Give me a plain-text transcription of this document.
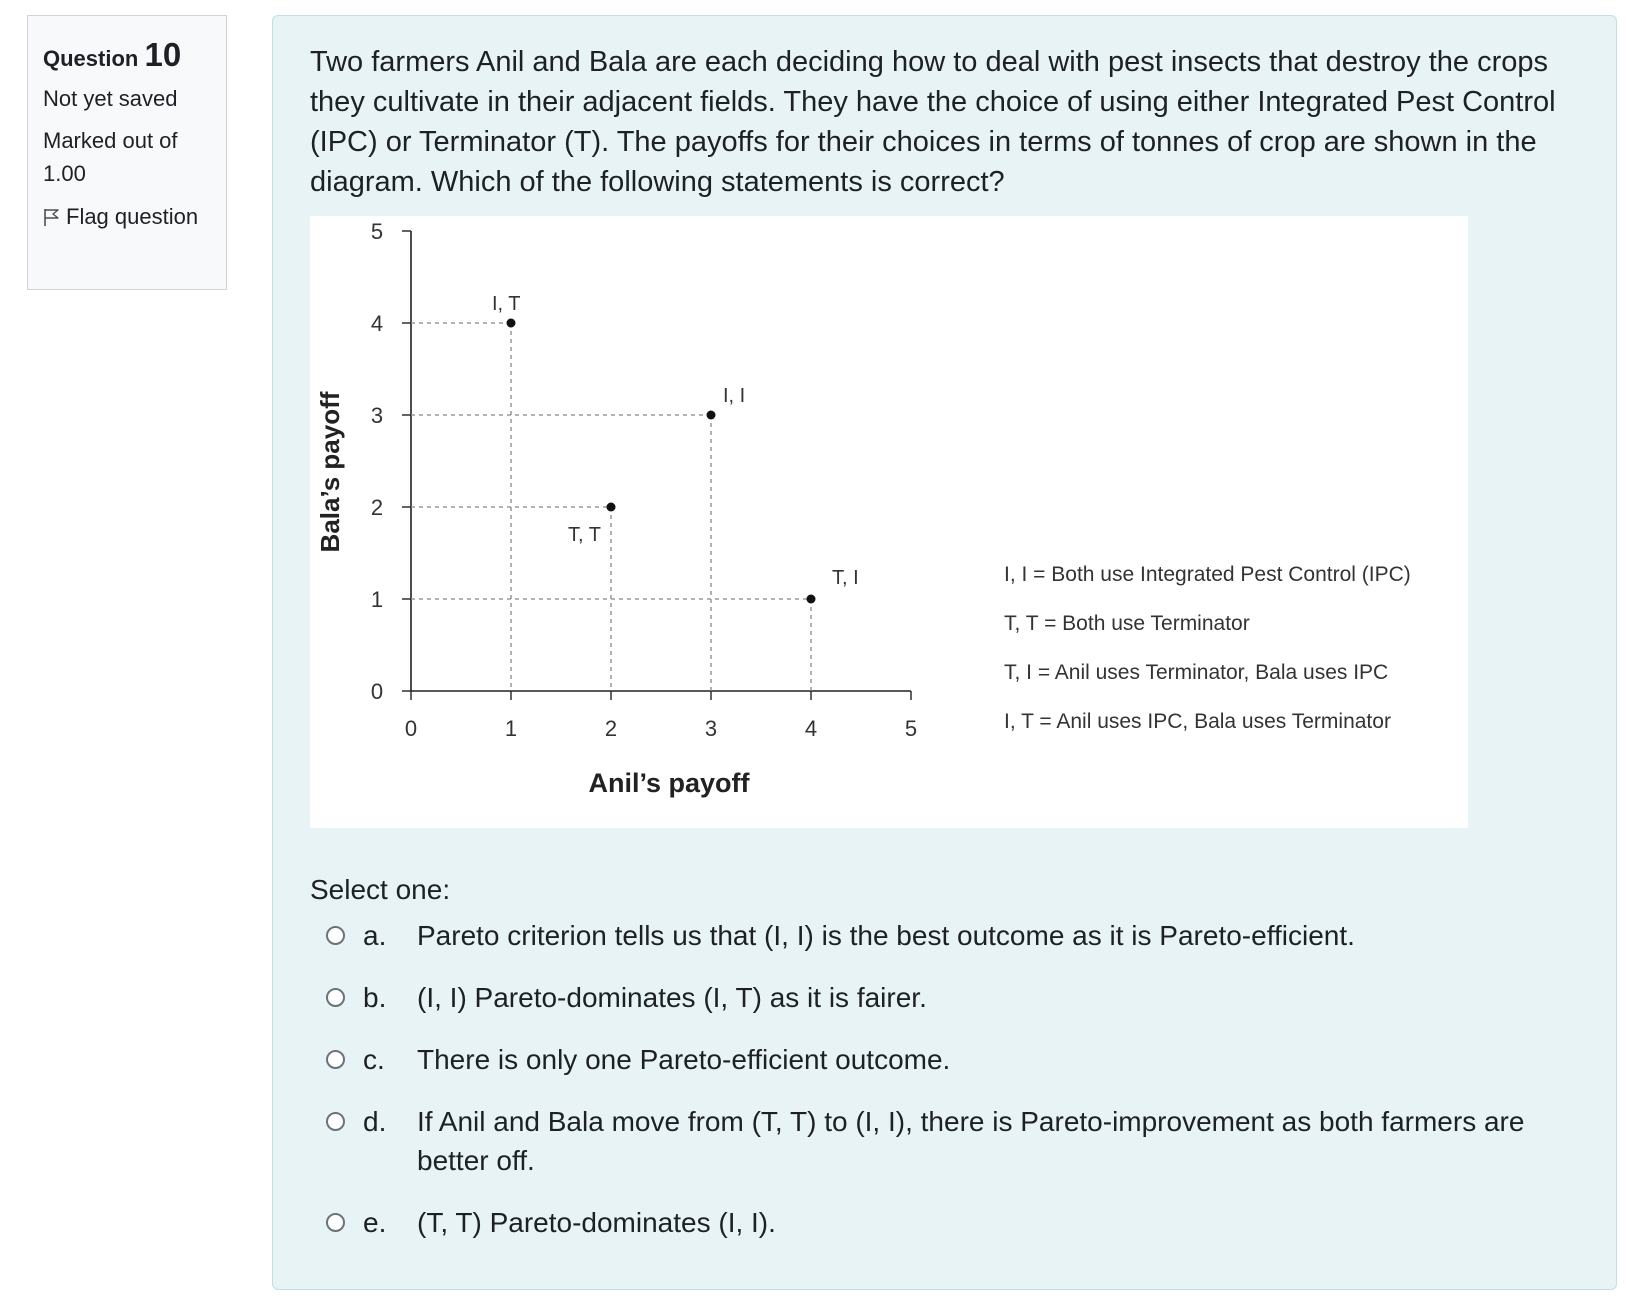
Question 10
Not yet saved
Marked out of 1.00
Flag question

Two farmers Anil and Bala are each deciding how to deal with pest insects that destroy the crops they cultivate in their adjacent fields. They have the choice of using either Integrated Pest Control (IPC) or Terminator (T). The payoffs for their choices in terms of tonnes of crop are shown in the diagram. Which of the following statements is correct?

0
1
2
3
4
5
0	1	2	3	4	5
Anil’s payoff
Bala’s payoff
I, T
I, I
T, T
T, I	I, I = Both use Integrated Pest Control (IPC)
T, T = Both use Terminator
T, I = Anil uses Terminator, Bala uses IPC
I, T = Anil uses IPC, Bala uses Terminator
Select one:
a.	Pareto criterion tells us that (I, I) is the best outcome as it is Pareto-efficient.
b.	(I, I) Pareto-dominates (I, T) as it is fairer.
c.	There is only one Pareto-efficient outcome.
d.	If Anil and Bala move from (T, T) to (I, I), there is Pareto-improvement as both farmers are better off.
e.	(T, T) Pareto-dominates (I, I).
